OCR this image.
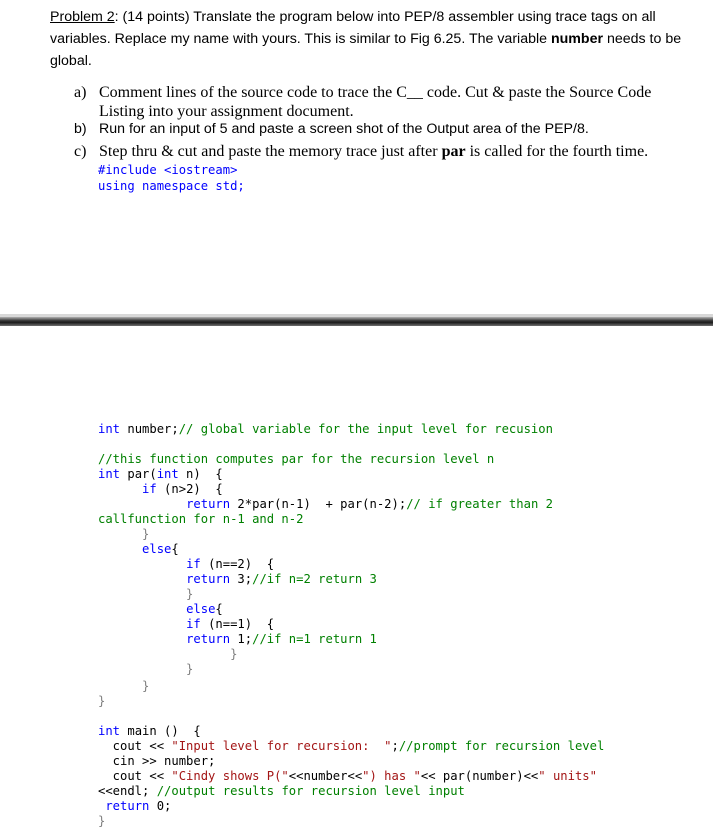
Problem 2: (14 points) Translate the program below into PEP/8 assembler using trace tags on all variables. Replace my name with yours. This is similar to Fig 6.25. The variable number needs to be global.
a) Comment lines of the source code to trace the C__ code. Cut & paste the Source Code
Listing into your assignment document.
b) Run for an input of 5 and paste a screen shot of the Output area of the PEP/8.
c) Step thru & cut and paste the memory trace just after par is called for the fourth time.
#include <iostream>
using namespace std;
int number;// global variable for the input level for recusion
//this function computes par for the recursion level n
int par(int n)  {
if (n>2)  {
return 2*par(n-1)  + par(n-2);// if greater than 2
callfunction for n-1 and n-2
}
else{
if (n==2)  {
return 3;//if n=2 return 3
}
else{
if (n==1)  {
return 1;//if n=1 return 1
}
}
}
}
int main ()  {
cout << "Input level for recursion:  ";//prompt for recursion level
cin >> number;
cout << "Cindy shows P("<<number<<") has "<< par(number)<<" units"
<<endl; //output results for recursion level input
return 0;
}
